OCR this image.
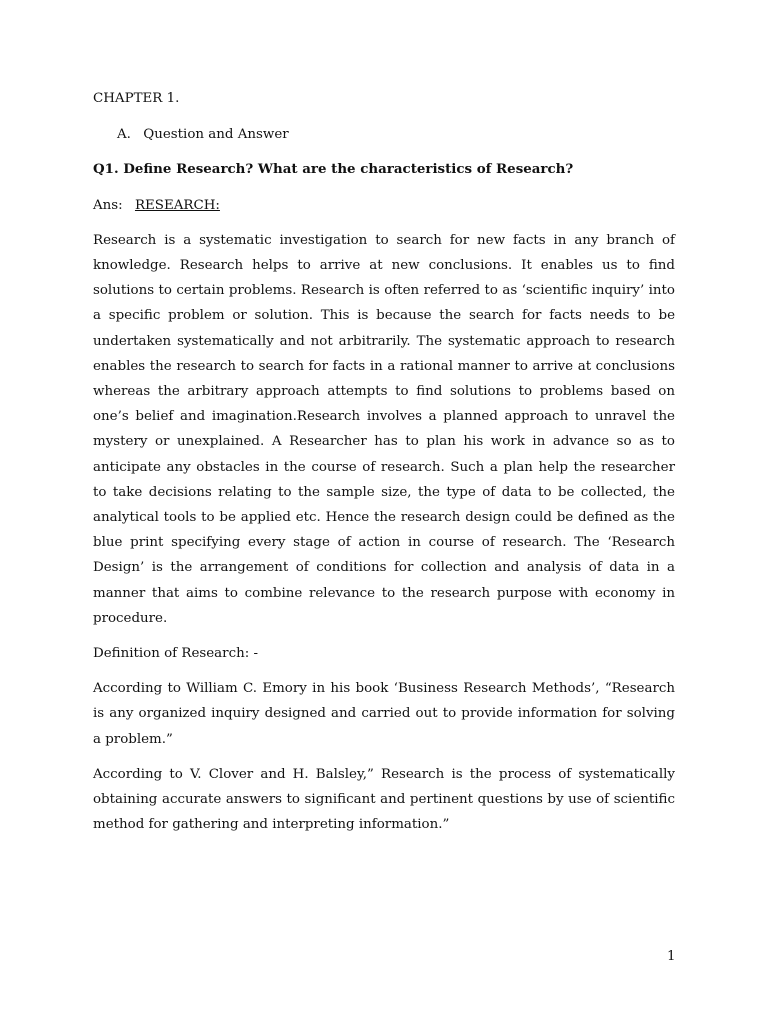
CHAPTER 1.

A. Question and Answer

Q1. Define Research? What are the characteristics of Research?

Ans: RESEARCH:

Research is a systematic investigation to search for new facts in any branch of knowledge. Research helps to arrive at new conclusions. It enables us to find solutions to certain problems. Research is often referred to as ‘scientific inquiry’ into a specific problem or solution. This is because the search for facts needs to be undertaken systematically and not arbitrarily. The systematic approach to research enables the research to search for facts in a rational manner to arrive at conclusions whereas the arbitrary approach attempts to find solutions to problems based on one’s belief and imagination.Research involves a planned approach to unravel the mystery or unexplained. A Researcher has to plan his work in advance so as to anticipate any obstacles in the course of research. Such a plan help the researcher to take decisions relating to the sample size, the type of data to be collected, the analytical tools to be applied etc. Hence the research design could be defined as the blue print specifying every stage of action in course of research. The ‘Research Design’ is the arrangement of conditions for collection and analysis of data in a manner that aims to combine relevance to the research purpose with economy in procedure.

Definition of Research: -

According to William C. Emory in his book ‘Business Research Methods’, “Research is any organized inquiry designed and carried out to provide information for solving a problem.”

According to V. Clover and H. Balsley,” Research is the process of systematically obtaining accurate answers to significant and pertinent questions by use of scientific method for gathering and interpreting information.”

1
